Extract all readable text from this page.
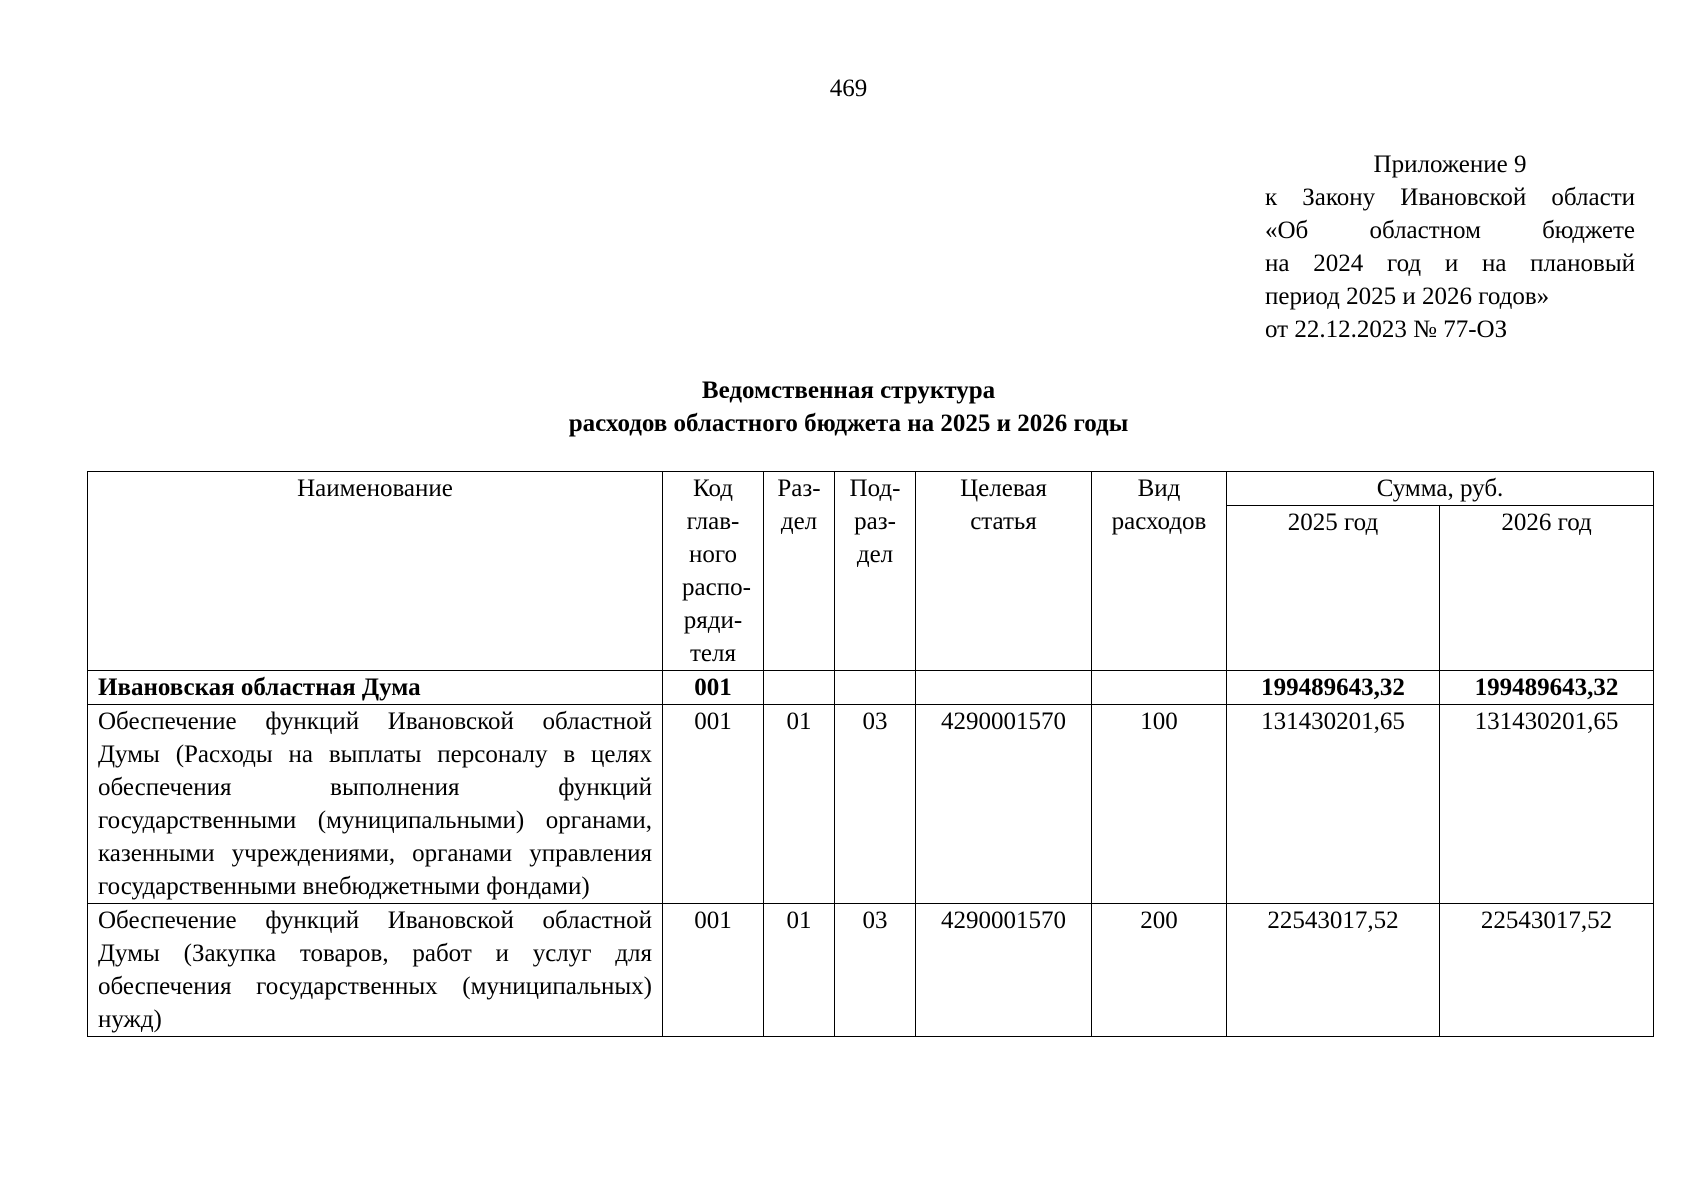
469
Приложение 9
к Закону Ивановской области
«Об областном бюджете
на 2024 год и на плановый
период 2025 и 2026 годов»
от 22.12.2023 № 77-ОЗ
Ведомственная структура
расходов областного бюджета на 2025 и 2026 годы
Наименование	Код глав-ного распо-ряди-теля	Раз-дел	Под-раз-дел	Целевая статья	Вид расходов	Сумма, руб.	
						2025 год	2026 год
Ивановская областная Дума	001					199489643,32	199489643,32
Обеспечение функций Ивановской областной Думы (Расходы на выплаты персоналу в целях обеспечения выполнения функций государственными (муниципальными) органами, казенными учреждениями, органами управления государственными внебюджетными фондами)	001	01	03	4290001570	100	131430201,65	131430201,65
Обеспечение функций Ивановской областной Думы (Закупка товаров, работ и услуг для обеспечения государственных (муниципальных) нужд)	001	01	03	4290001570	200	22543017,52	22543017,52
